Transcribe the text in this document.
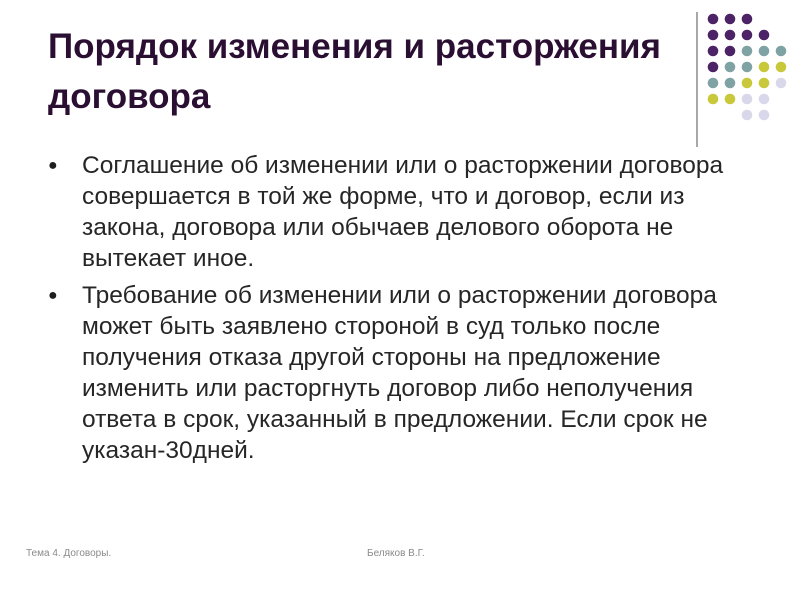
Порядок изменения и расторжения договора
● Соглашение об изменении или о расторжении договора совершается в той же форме, что и договор, если из закона, договора или обычаев делового оборота не вытекает иное.
● Требование об изменении или о расторжении договора может быть заявлено стороной в суд только после получения отказа другой стороны на предложение изменить или расторгнуть договор либо неполучения ответа в срок, указанный в предложении. Если срок не указан-30дней.
Тема 4. Договоры.	Беляков В.Г.
